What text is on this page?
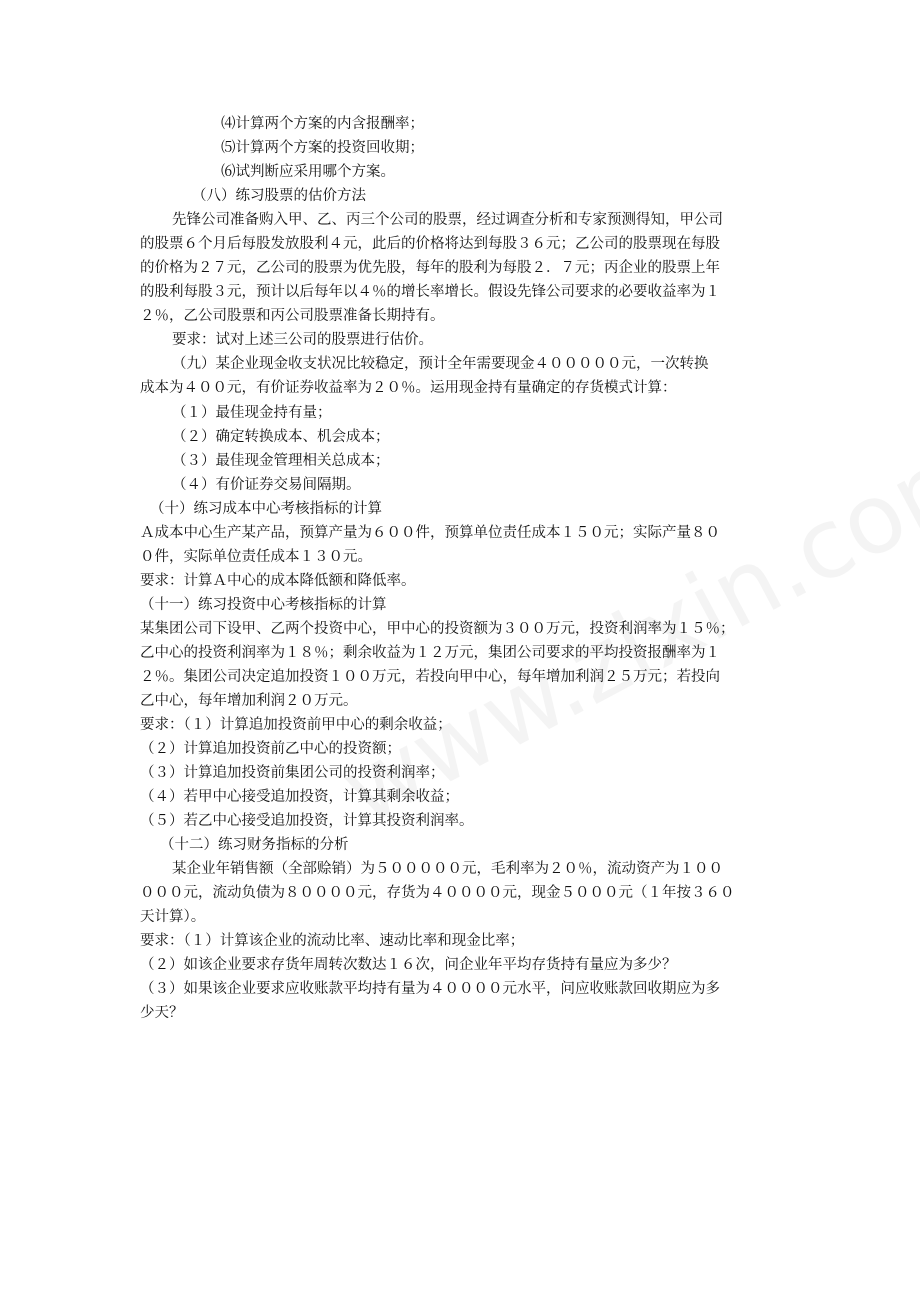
⑷计算两个方案的内含报酬率；
⑸计算两个方案的投资回收期；
⑹试判断应采用哪个方案。
（八）练习股票的估价方法
先锋公司准备购入甲、乙、丙三个公司的股票，经过调查分析和专家预测得知，甲公司
的股票６个月后每股发放股利４元，此后的价格将达到每股３６元；乙公司的股票现在每股
的价格为２７元，乙公司的股票为优先股，每年的股利为每股２．７元；丙企业的股票上年
的股利每股３元，预计以后每年以４％的增长率增长。假设先锋公司要求的必要收益率为１
２％，乙公司股票和丙公司股票准备长期持有。
要求：试对上述三公司的股票进行估价。
（九）某企业现金收支状况比较稳定，预计全年需要现金４０００００元，一次转换
成本为４００元，有价证券收益率为２０％。运用现金持有量确定的存货模式计算：
（１）最佳现金持有量；
（２）确定转换成本、机会成本；
（３）最佳现金管理相关总成本；
（４）有价证券交易间隔期。
（十）练习成本中心考核指标的计算
Ａ成本中心生产某产品，预算产量为６００件，预算单位责任成本１５０元；实际产量８０
０件，实际单位责任成本１３０元。
要求：计算Ａ中心的成本降低额和降低率。
（十一）练习投资中心考核指标的计算
某集团公司下设甲、乙两个投资中心，甲中心的投资额为３００万元，投资利润率为１５％；
乙中心的投资利润率为１８％；剩余收益为１２万元，集团公司要求的平均投资报酬率为１
２％。集团公司决定追加投资１００万元，若投向甲中心，每年增加利润２５万元；若投向
乙中心，每年增加利润２０万元。
要求：（１）计算追加投资前甲中心的剩余收益；
（２）计算追加投资前乙中心的投资额；
（３）计算追加投资前集团公司的投资利润率；
（４）若甲中心接受追加投资，计算其剩余收益；
（５）若乙中心接受追加投资，计算其投资利润率。
（十二）练习财务指标的分析
某企业年销售额（全部赊销）为５０００００元，毛利率为２０％，流动资产为１００
０００元，流动负债为８００００元，存货为４００００元，现金５０００元（１年按３６０
天计算）。
要求：（１）计算该企业的流动比率、速动比率和现金比率；
（２）如该企业要求存货年周转次数达１６次，问企业年平均存货持有量应为多少？
（３）如果该企业要求应收账款平均持有量为４００００元水平，问应收账款回收期应为多
少天？
